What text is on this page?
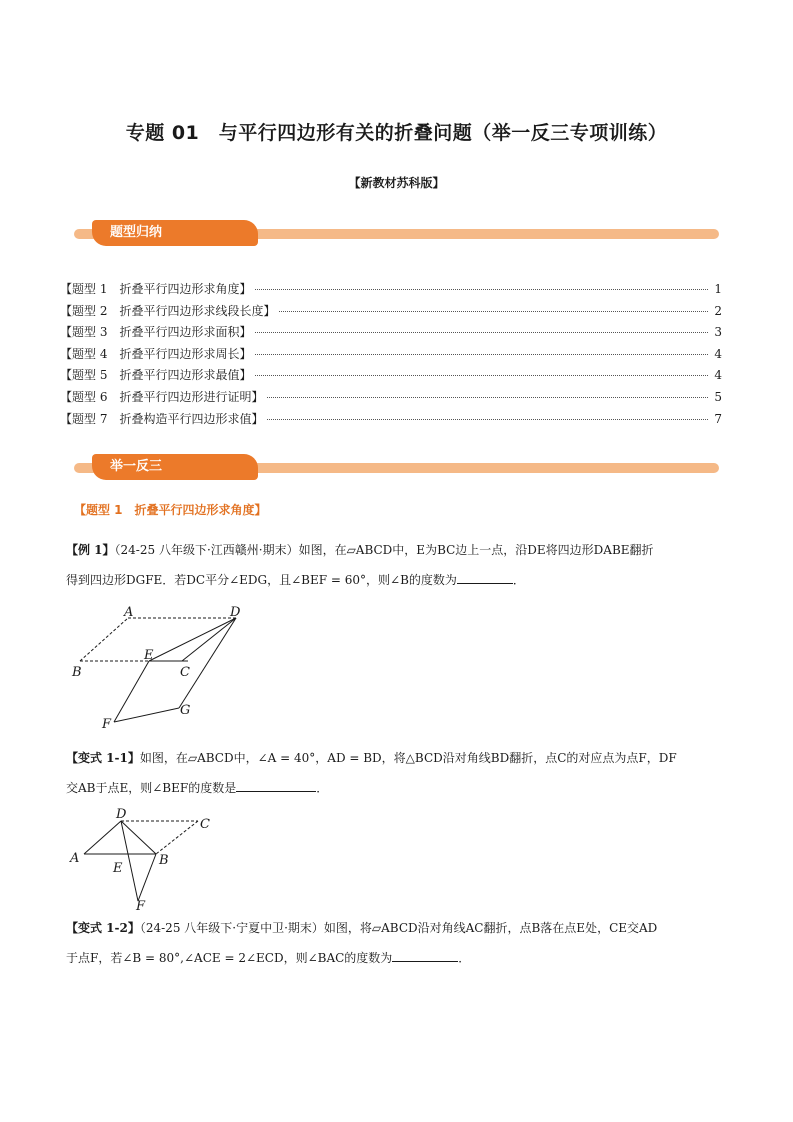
专题 01　与平行四边形有关的折叠问题（举一反三专项训练）
【新教材苏科版】
题型归纳
【题型 1　折叠平行四边形求角度】	1
【题型 2　折叠平行四边形求线段长度】	2
【题型 3　折叠平行四边形求面积】	3
【题型 4　折叠平行四边形求周长】	4
【题型 5　折叠平行四边形求最值】	4
【题型 6　折叠平行四边形进行证明】	5
【题型 7　折叠构造平行四边形求值】	7
举一反三
【题型 1　折叠平行四边形求角度】
【例 1】（24-25 八年级下·江西赣州·期末）如图，在▱ABCD中，E为BC边上一点，沿DE将四边形DABE翻折
得到四边形DGFE．若DC平分∠EDG，且∠BEF = 60°，则∠B的度数为	．
A	D
E
B	C
F
G
【变式 1-1】如图，在▱ABCD中，∠A = 40°，AD = BD，将△BCD沿对角线BD翻折，点C的对应点为点F，DF
交AB于点E，则∠BEF的度数是	．
D
C
A
E
B
F
【变式 1-2】（24-25 八年级下·宁夏中卫·期末）如图，将▱ABCD沿对角线AC翻折，点B落在点E处，CE交AD
于点F，若∠B = 80°,∠ACE = 2∠ECD，则∠BAC的度数为	．
